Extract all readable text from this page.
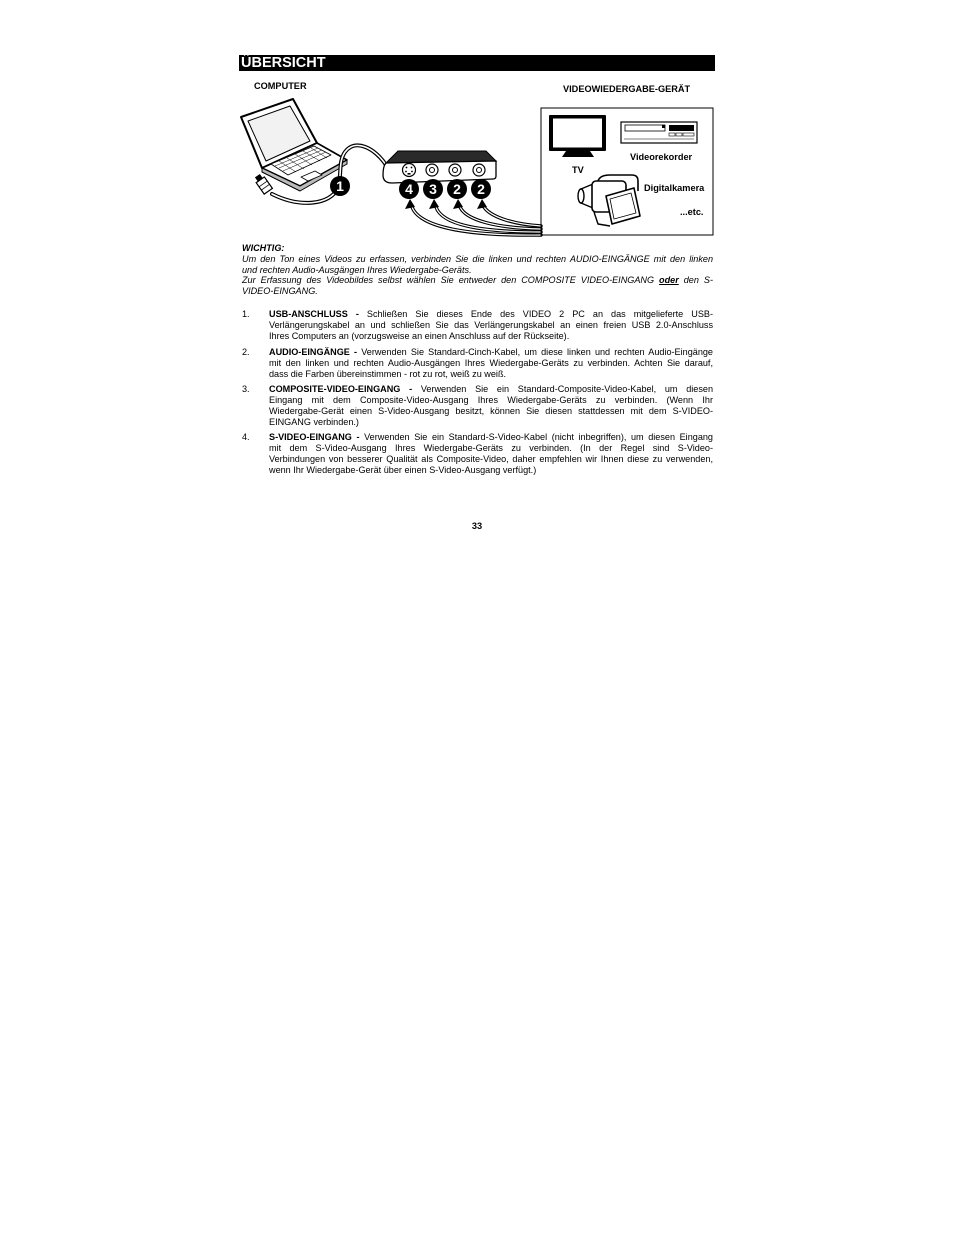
ÜBERSICHT
COMPUTER	VIDEOWIEDERGABE-GERÄT
1	4 3 2 2
TV
Videorekorder
Digitalkamera
...etc.
WICHTIG:
Um den Ton eines Videos zu erfassen, verbinden Sie die linken und rechten AUDIO-EINGÄNGE mit den linken
und rechten Audio-Ausgängen Ihres Wiedergabe-Geräts.
Zur Erfassung des Videobildes selbst wählen Sie entweder den COMPOSITE VIDEO-EINGANG oder den S-
VIDEO-EINGANG.
1. USB-ANSCHLUSS - Schließen Sie dieses Ende des VIDEO 2 PC an das mitgelieferte USB-
Verlängerungskabel an und schließen Sie das Verlängerungskabel an einen freien USB 2.0-Anschluss
Ihres Computers an (vorzugsweise an einen Anschluss auf der Rückseite).
2. AUDIO-EINGÄNGE - Verwenden Sie Standard-Cinch-Kabel, um diese linken und rechten Audio-Eingänge
mit den linken und rechten Audio-Ausgängen Ihres Wiedergabe-Geräts zu verbinden. Achten Sie darauf,
dass die Farben übereinstimmen - rot zu rot, weiß zu weiß.
3. COMPOSITE-VIDEO-EINGANG - Verwenden Sie ein Standard-Composite-Video-Kabel, um diesen
Eingang mit dem Composite-Video-Ausgang Ihres Wiedergabe-Geräts zu verbinden. (Wenn Ihr
Wiedergabe-Gerät einen S-Video-Ausgang besitzt, können Sie diesen stattdessen mit dem S-VIDEO-
EINGANG verbinden.)
4. S-VIDEO-EINGANG - Verwenden Sie ein Standard-S-Video-Kabel (nicht inbegriffen), um diesen Eingang
mit dem S-Video-Ausgang Ihres Wiedergabe-Geräts zu verbinden. (In der Regel sind S-Video-
Verbindungen von besserer Qualität als Composite-Video, daher empfehlen wir Ihnen diese zu verwenden,
wenn Ihr Wiedergabe-Gerät über einen S-Video-Ausgang verfügt.)
33
